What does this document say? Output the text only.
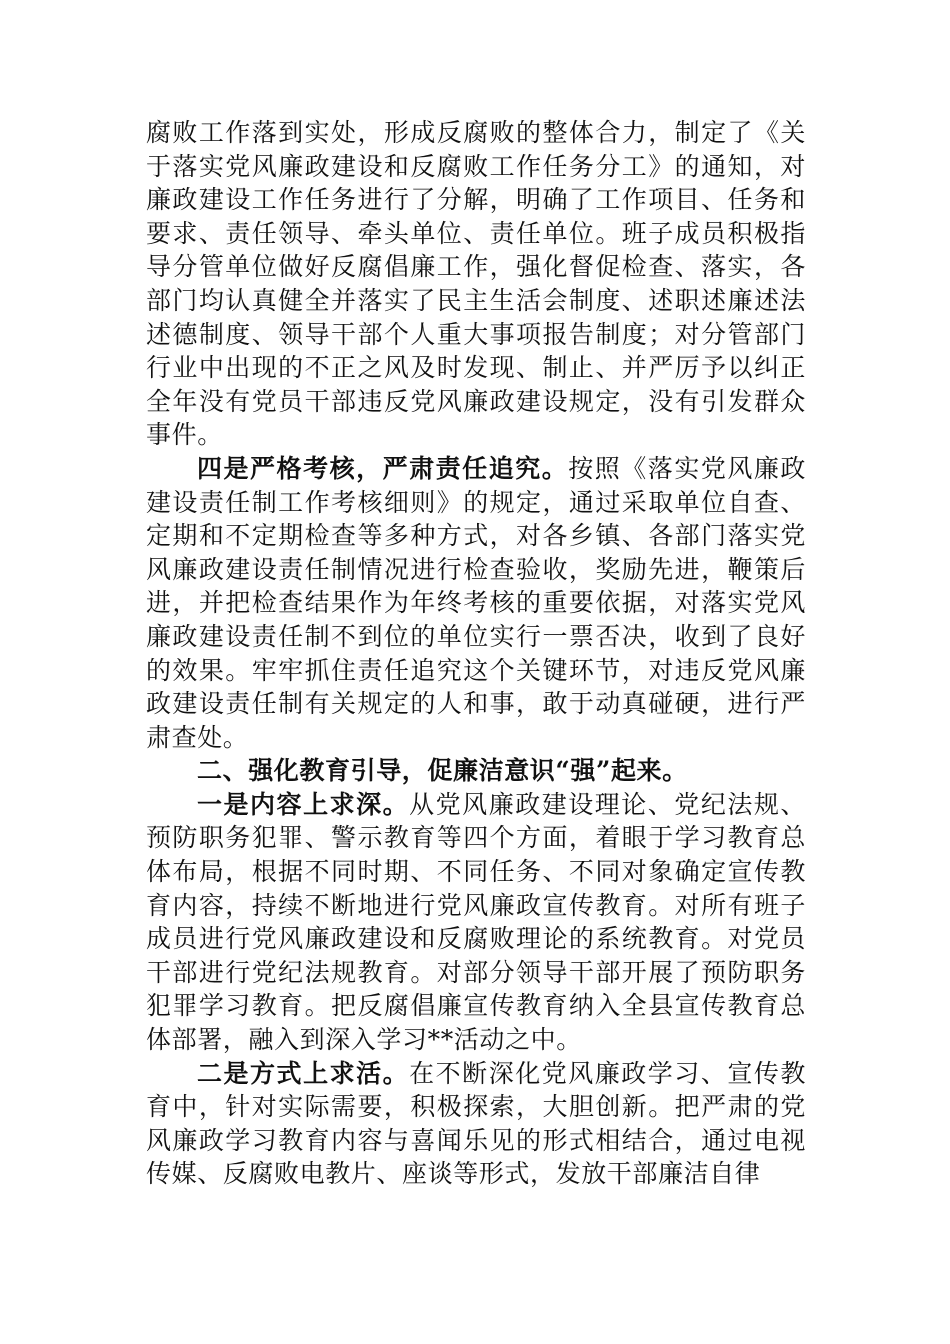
腐败工作落到实处，形成反腐败的整体合力，制定了《关于落实党风廉政建设和反腐败工作任务分工》的通知，对廉政建设工作任务进行了分解，明确了工作项目、任务和要求、责任领导、牵头单位、责任单位。班子成员积极指导分管单位做好反腐倡廉工作，强化督促检查、落实，各部门均认真健全并落实了民主生活会制度、述职述廉述法述德制度、领导干部个人重大事项报告制度；对分管部门行业中出现的不正之风及时发现、制止、并严厉予以纠正全年没有党员干部违反党风廉政建设规定，没有引发群众事件。

四是严格考核，严肃责任追究。按照《落实党风廉政建设责任制工作考核细则》的规定，通过采取单位自查、定期和不定期检查等多种方式，对各乡镇、各部门落实党风廉政建设责任制情况进行检查验收，奖励先进，鞭策后进，并把检查结果作为年终考核的重要依据，对落实党风廉政建设责任制不到位的单位实行一票否决，收到了良好的效果。牢牢抓住责任追究这个关键环节，对违反党风廉政建设责任制有关规定的人和事，敢于动真碰硬，进行严肃查处。

二、强化教育引导，促廉洁意识“强”起来。

一是内容上求深。从党风廉政建设理论、党纪法规、预防职务犯罪、警示教育等四个方面，着眼于学习教育总体布局，根据不同时期、不同任务、不同对象确定宣传教育内容，持续不断地进行党风廉政宣传教育。对所有班子成员进行党风廉政建设和反腐败理论的系统教育。对党员干部进行党纪法规教育。对部分领导干部开展了预防职务犯罪学习教育。把反腐倡廉宣传教育纳入全县宣传教育总体部署，融入到深入学习**活动之中。

二是方式上求活。在不断深化党风廉政学习、宣传教育中，针对实际需要，积极探索，大胆创新。把严肃的党风廉政学习教育内容与喜闻乐见的形式相结合，通过电视传媒、反腐败电教片、座谈等形式，发放干部廉洁自律
